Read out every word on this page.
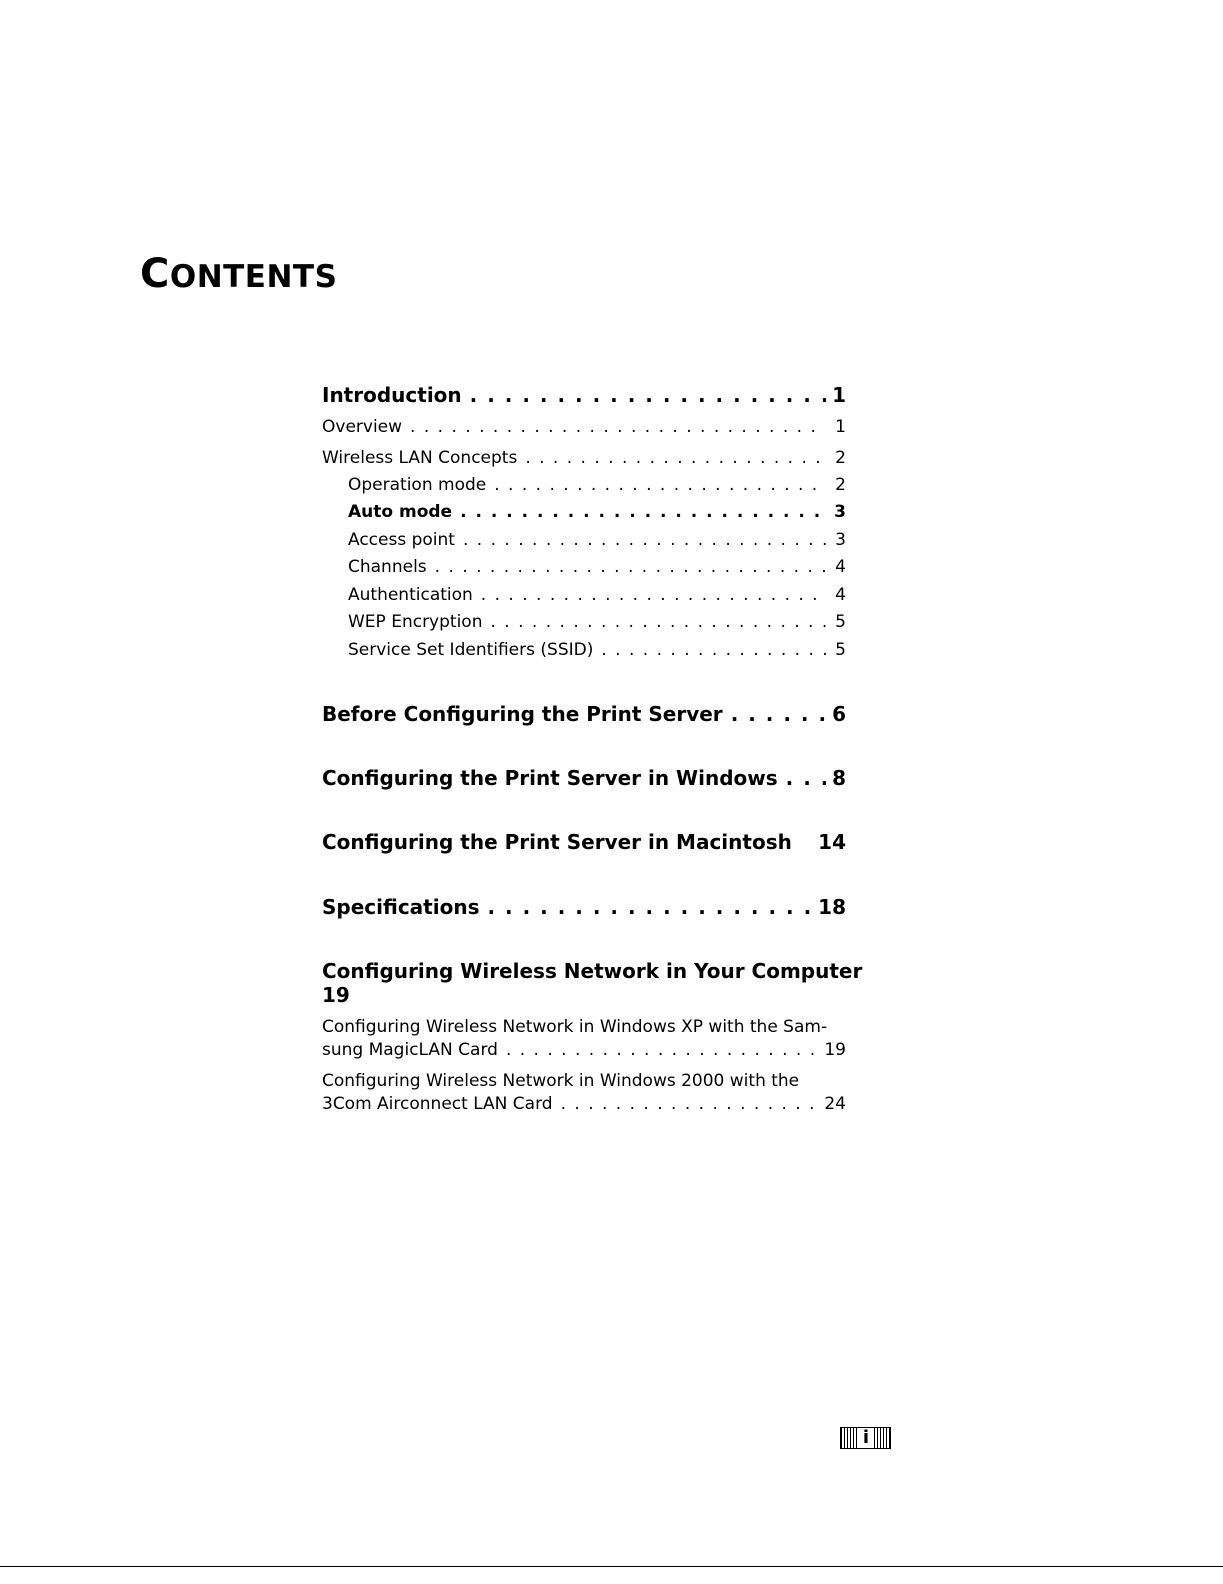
CONTENTS
Introduction . . .	1
Overview . . .	1
Wireless LAN Concepts . . .	2
Operation mode . . .	2
Auto mode . . .	3
Access point . . .	3
Channels . . .	4
Authentication . . .	4
WEP Encryption . . .	5
Service Set Identifiers (SSID) . . .	5
Before Configuring the Print Server . . .	6
Configuring the Print Server in Windows . . .	8
Configuring the Print Server in Macintosh	14
Specifications . . .	18
Configuring Wireless Network in Your Computer
19
Configuring Wireless Network in Windows XP with the Sam-
sung MagicLAN Card . . .	19
Configuring Wireless Network in Windows 2000 with the
3Com Airconnect LAN Card . . .	24
i
